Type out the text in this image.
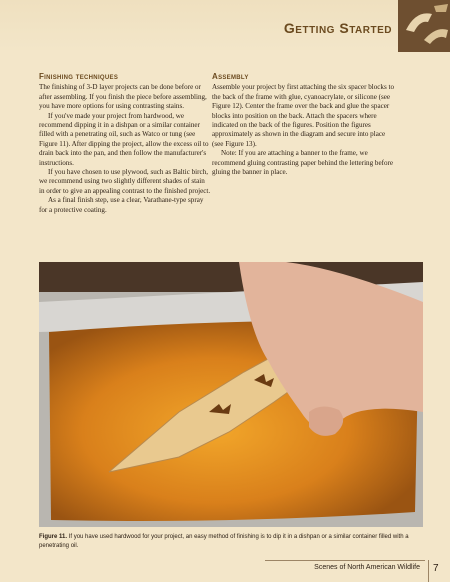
Getting Started
Finishing techniques

The finishing of 3-D layer projects can be done before or after assembling. If you finish the piece before assembling, you have more options for using contrasting stains.

If you've made your project from hardwood, we recommend dipping it in a dishpan or a similar container filled with a penetrating oil, such as Watco or tung (see Figure 11). After dipping the project, allow the excess oil to drain back into the pan, and then follow the manufacturer's instructions.

If you have chosen to use plywood, such as Baltic birch, we recommend using two slightly different shades of stain in order to give an appealing contrast to the finished project.

As a final finish step, use a clear, Varathane-type spray for a protective coating.

Assembly

Assemble your project by first attaching the six spacer blocks to the back of the frame with glue, cyanoacrylate, or silicone (see Figure 12). Center the frame over the back and glue the spacer blocks into position on the back. Attach the spacers where indicated on the back of the figures. Position the figures approximately as shown in the diagram and secure into place (see Figure 13).

Note: If you are attaching a banner to the frame, we recommend gluing contrasting paper behind the lettering before gluing the banner in place.

Figure 11. If you have used hardwood for your project, an easy method of finishing is to dip it in a dishpan or a similar container filled with a penetrating oil.
Scenes of North American Wildlife 7
